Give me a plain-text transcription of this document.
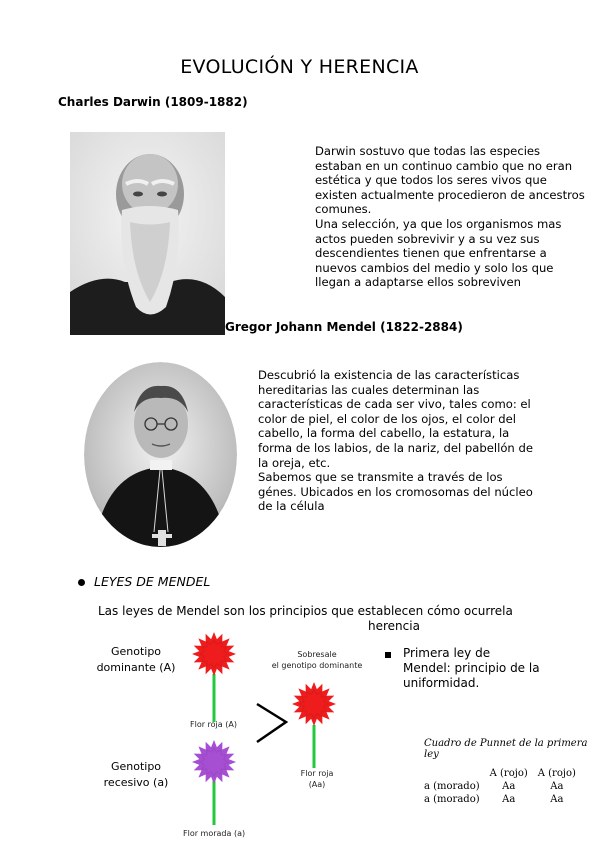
EVOLUCIÓN Y HERENCIA
Charles Darwin (1809-1882)
Darwin sostuvo que todas las especies
estaban en un continuo cambio que no eran
estética y que todos los seres vivos que
existen actualmente procedieron de ancestros
comunes.
Una selección, ya que los organismos mas
actos pueden sobrevivir y a su vez sus
descendientes tienen que enfrentarse a
nuevos cambios del medio y solo los que
llegan a adaptarse ellos sobreviven
Gregor Johann Mendel (1822-2884)
Descubrió la existencia de las características
hereditarias las cuales determinan las
características de cada ser vivo, tales como: el
color de piel, el color de los ojos, el color del
cabello, la forma del cabello, la estatura, la
forma de los labios, de la nariz, del pabellón de
la oreja, etc.
Sabemos que se transmite a través de los
génes. Ubicados en los cromosomas del núcleo
de la célula
LEYES DE MENDEL
Las leyes de Mendel son los principios que establecen cómo ocurrela
herencia
Genotipo
dominante (A)
Genotipo
recesivo (a)
Flor roja (A)
Flor morada (a)
Sobresale
el genotipo dominante
Flor roja
(Aa)
Primera ley de
Mendel: principio de la
uniformidad.
Cuadro de Punnet de la primera ley
	A (rojo)	A (rojo)
a (morado)	Aa	Aa
a (morado)	Aa	Aa
